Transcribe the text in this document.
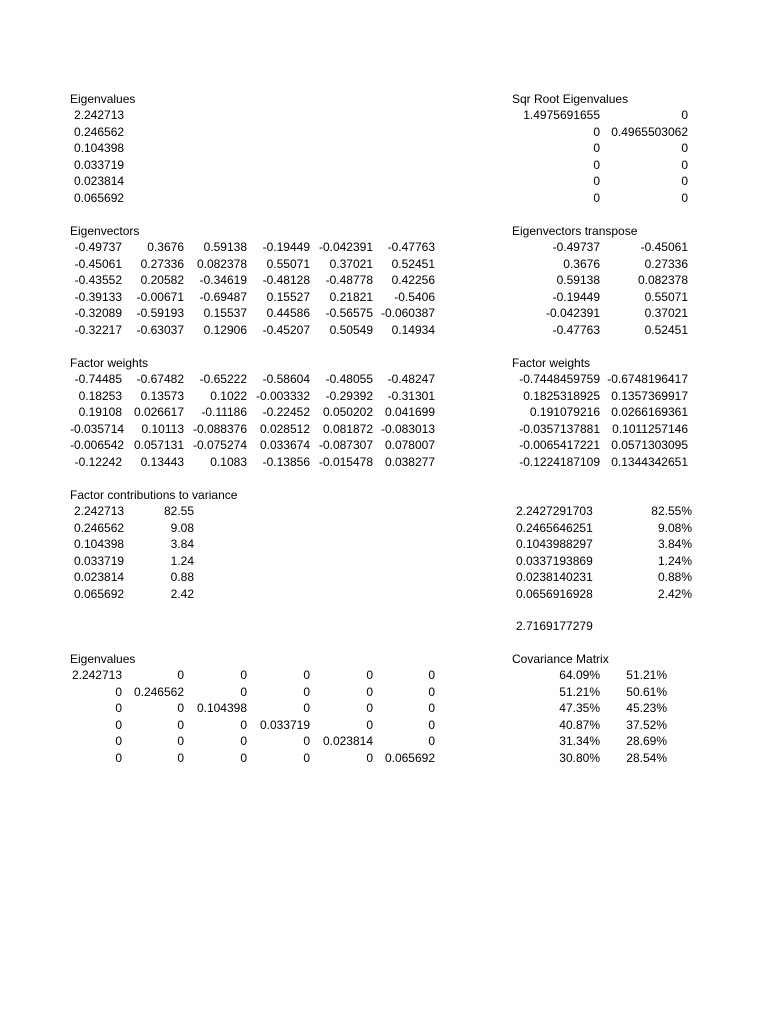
Eigenvalues
2.242713
0.246562
0.104398
0.033719
0.023814
0.065692
Eigenvectors
-0.49737	0.3676	0.59138	-0.19449 -0.042391	-0.47763
-0.45061	0.27336	0.082378	0.55071	0.37021	0.52451
-0.43552	0.20582	-0.34619	-0.48128	-0.48778	0.42256
-0.39133	-0.00671	-0.69487	0.15527	0.21821	-0.5406
-0.32089	-0.59193	0.15537	0.44586	-0.56575 -0.060387
-0.32217	-0.63037	0.12906	-0.45207	0.50549	0.14934
Factor weights
-0.74485	-0.67482	-0.65222	-0.58604	-0.48055	-0.48247
0.18253	0.13573	0.1022 -0.003332	-0.29392	-0.31301
0.19108 0.026617	-0.11186	-0.22452	0.050202 0.041699
-0.035714	0.10113 -0.088376	0.028512	0.081872 -0.083013
-0.006542 0.057131 -0.075274	0.033674 -0.087307 0.078007
-0.12242	0.13443	0.1083	-0.13856 -0.015478 0.038277
Factor contributions to variance
2.242713	82.55
0.246562	9.08
0.104398	3.84
0.033719	1.24
0.023814	0.88
0.065692	2.42
Eigenvalues
2.242713	0	0	0	0	0
0 0.246562	0	0	0	0
0	0	0.104398	0	0	0
0	0	0	0.033719	0	0
0	0	0	0	0.023814	0
0	0	0	0	0 0.065692
Sqr Root Eigenvalues
1.4975691655	0
0 0.4965503062
0	0
0	0
0	0
0	0
Eigenvectors transpose
-0.49737	-0.45061
0.3676	0.27336
0.59138	0.082378
-0.19449	0.55071
-0.042391	0.37021
-0.47763	0.52451
Factor weights
-0.7448459759 -0.6748196417
0.1825318925 0.1357369917
0.191079216 0.0266169361
-0.0357137881	0.1011257146
-0.0065417221 0.0571303095
-0.1224187109 0.1344342651
2.2427291703	82.55%
0.2465646251	9.08%
0.1043988297	3.84%
0.0337193869	1.24%
0.0238140231	0.88%
0.0656916928	2.42%
2.7169177279
Covariance Matrix
64.09%	51.21%
51.21%	50.61%
47.35%	45.23%
40.87%	37.52%
31.34%	28.69%
30.80%	28.54%
